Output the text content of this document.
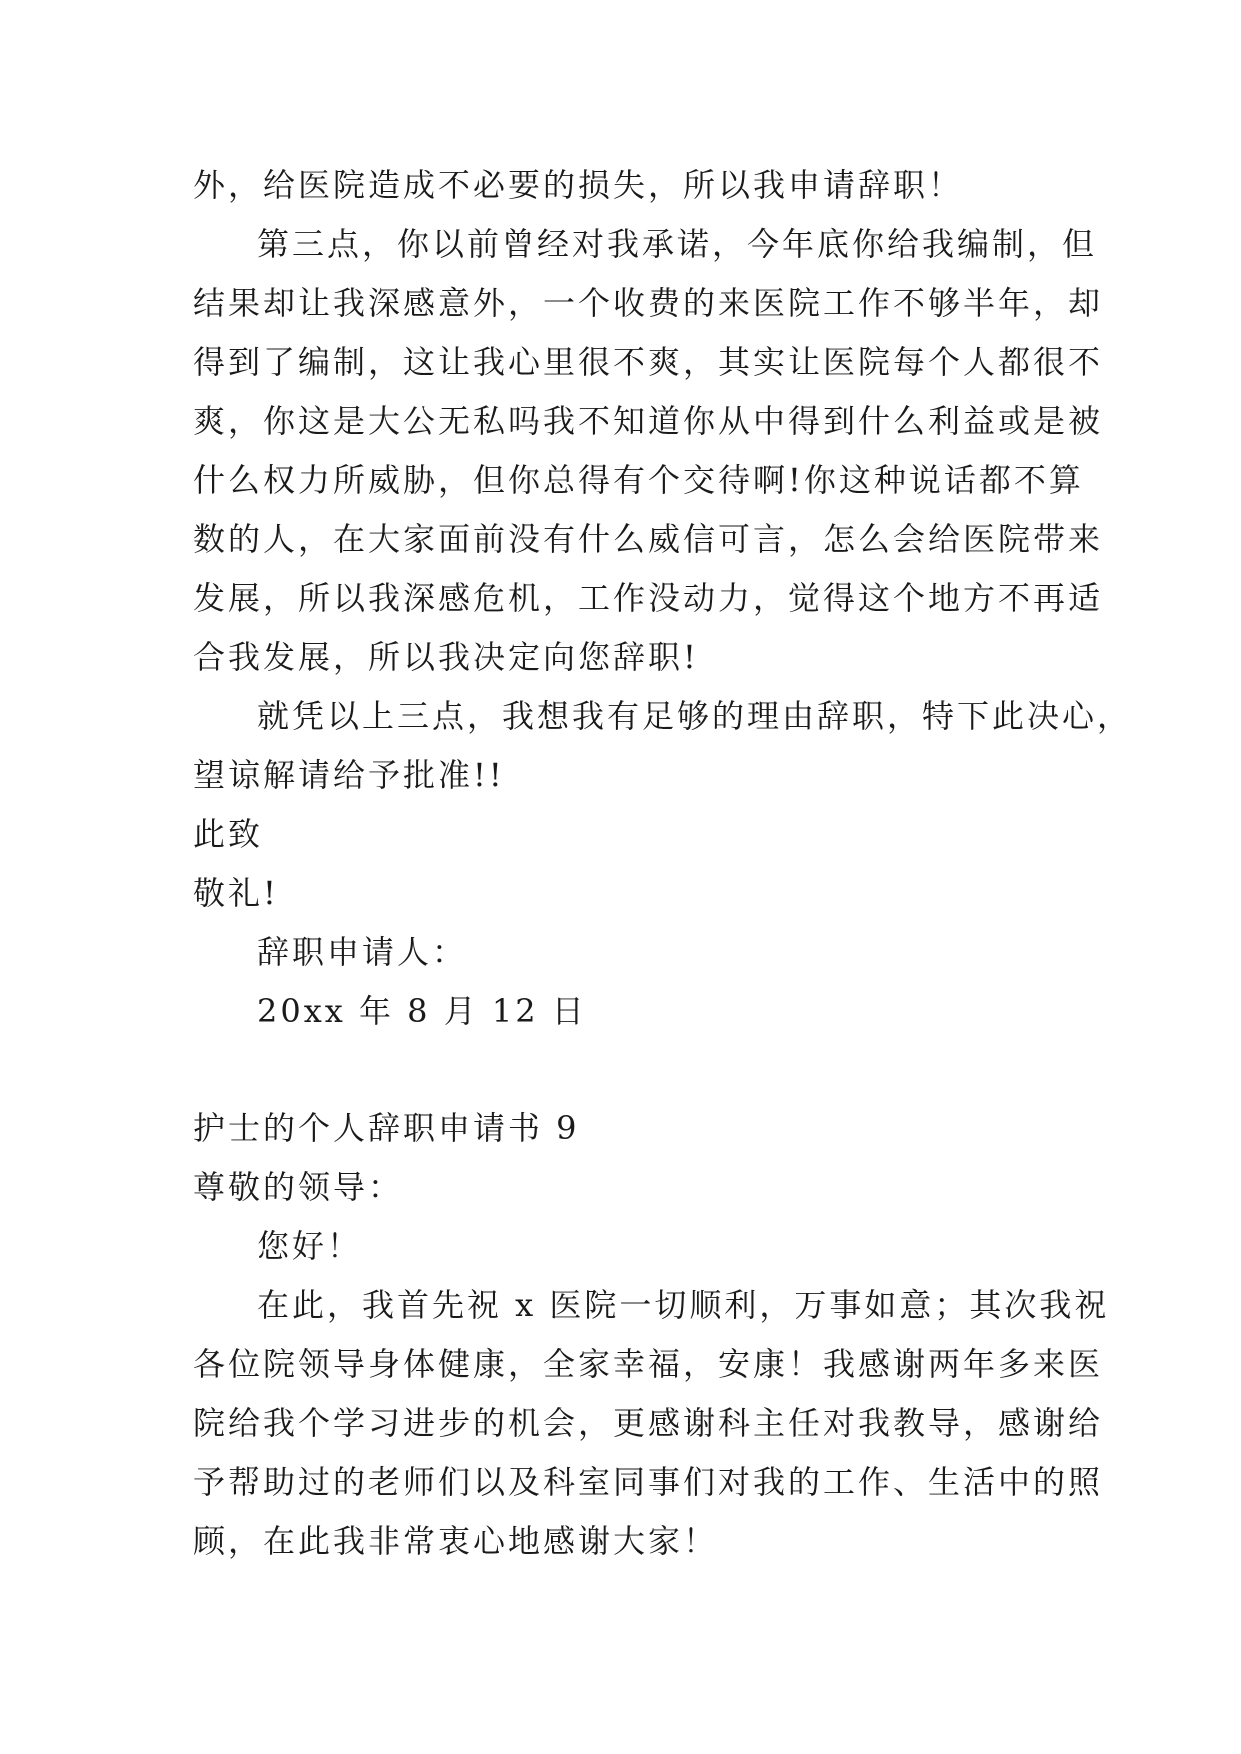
外，给医院造成不必要的损失，所以我申请辞职！
第三点，你以前曾经对我承诺，今年底你给我编制，但
结果却让我深感意外，一个收费的来医院工作不够半年，却
得到了编制，这让我心里很不爽，其实让医院每个人都很不
爽，你这是大公无私吗我不知道你从中得到什么利益或是被
什么权力所威胁，但你总得有个交待啊!你这种说话都不算
数的人，在大家面前没有什么威信可言，怎么会给医院带来
发展，所以我深感危机，工作没动力，觉得这个地方不再适
合我发展，所以我决定向您辞职!
就凭以上三点，我想我有足够的理由辞职，特下此决心，
望谅解请给予批准!!
此致
敬礼!
辞职申请人：
20xx 年 8 月 12 日
护士的个人辞职申请书 9
尊敬的领导：
您好！
在此，我首先祝 x 医院一切顺利，万事如意；其次我祝
各位院领导身体健康，全家幸福，安康！我感谢两年多来医
院给我个学习进步的机会，更感谢科主任对我教导，感谢给
予帮助过的老师们以及科室同事们对我的工作、生活中的照
顾，在此我非常衷心地感谢大家！
